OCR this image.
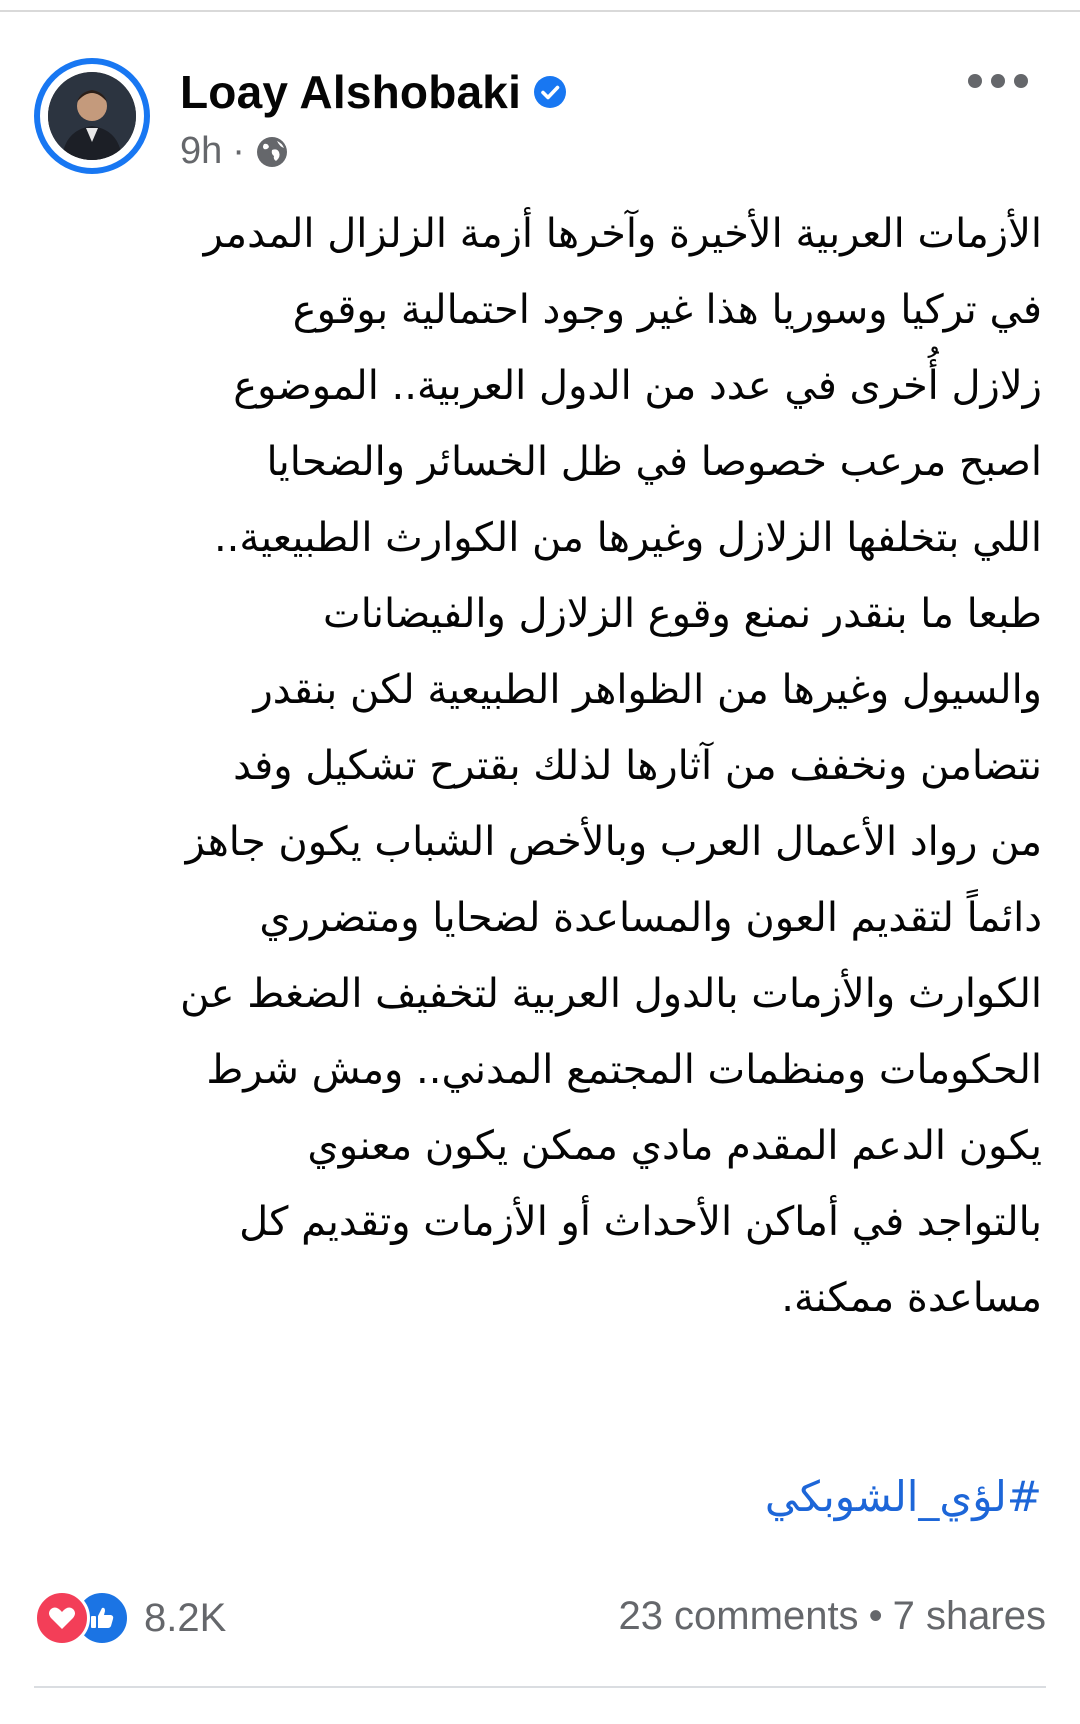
Loay Alshobaki
9h ·
الأزمات العربية الأخيرة وآخرها أزمة الزلزال المدمر
في تركيا وسوريا هذا غير وجود احتمالية بوقوع
زلازل أُخرى في عدد من الدول العربية.. الموضوع
اصبح مرعب خصوصا في ظل الخسائر والضحايا
اللي بتخلفها الزلازل وغيرها من الكوارث الطبيعية..
طبعا ما بنقدر نمنع وقوع الزلازل والفيضانات
والسيول وغيرها من الظواهر الطبيعية لكن بنقدر
نتضامن ونخفف من آثارها لذلك بقترح تشكيل وفد
من رواد الأعمال العرب وبالأخص الشباب يكون جاهز
دائماً لتقديم العون والمساعدة لضحايا ومتضرري
الكوارث والأزمات بالدول العربية لتخفيف الضغط عن
الحكومات ومنظمات المجتمع المدني.. ومش شرط
يكون الدعم المقدم مادي ممكن يكون معنوي
بالتواجد في أماكن الأحداث أو الأزمات وتقديم كل
مساعدة ممكنة.
#لؤي_الشوبكي
8.2K	23 comments • 7 shares
